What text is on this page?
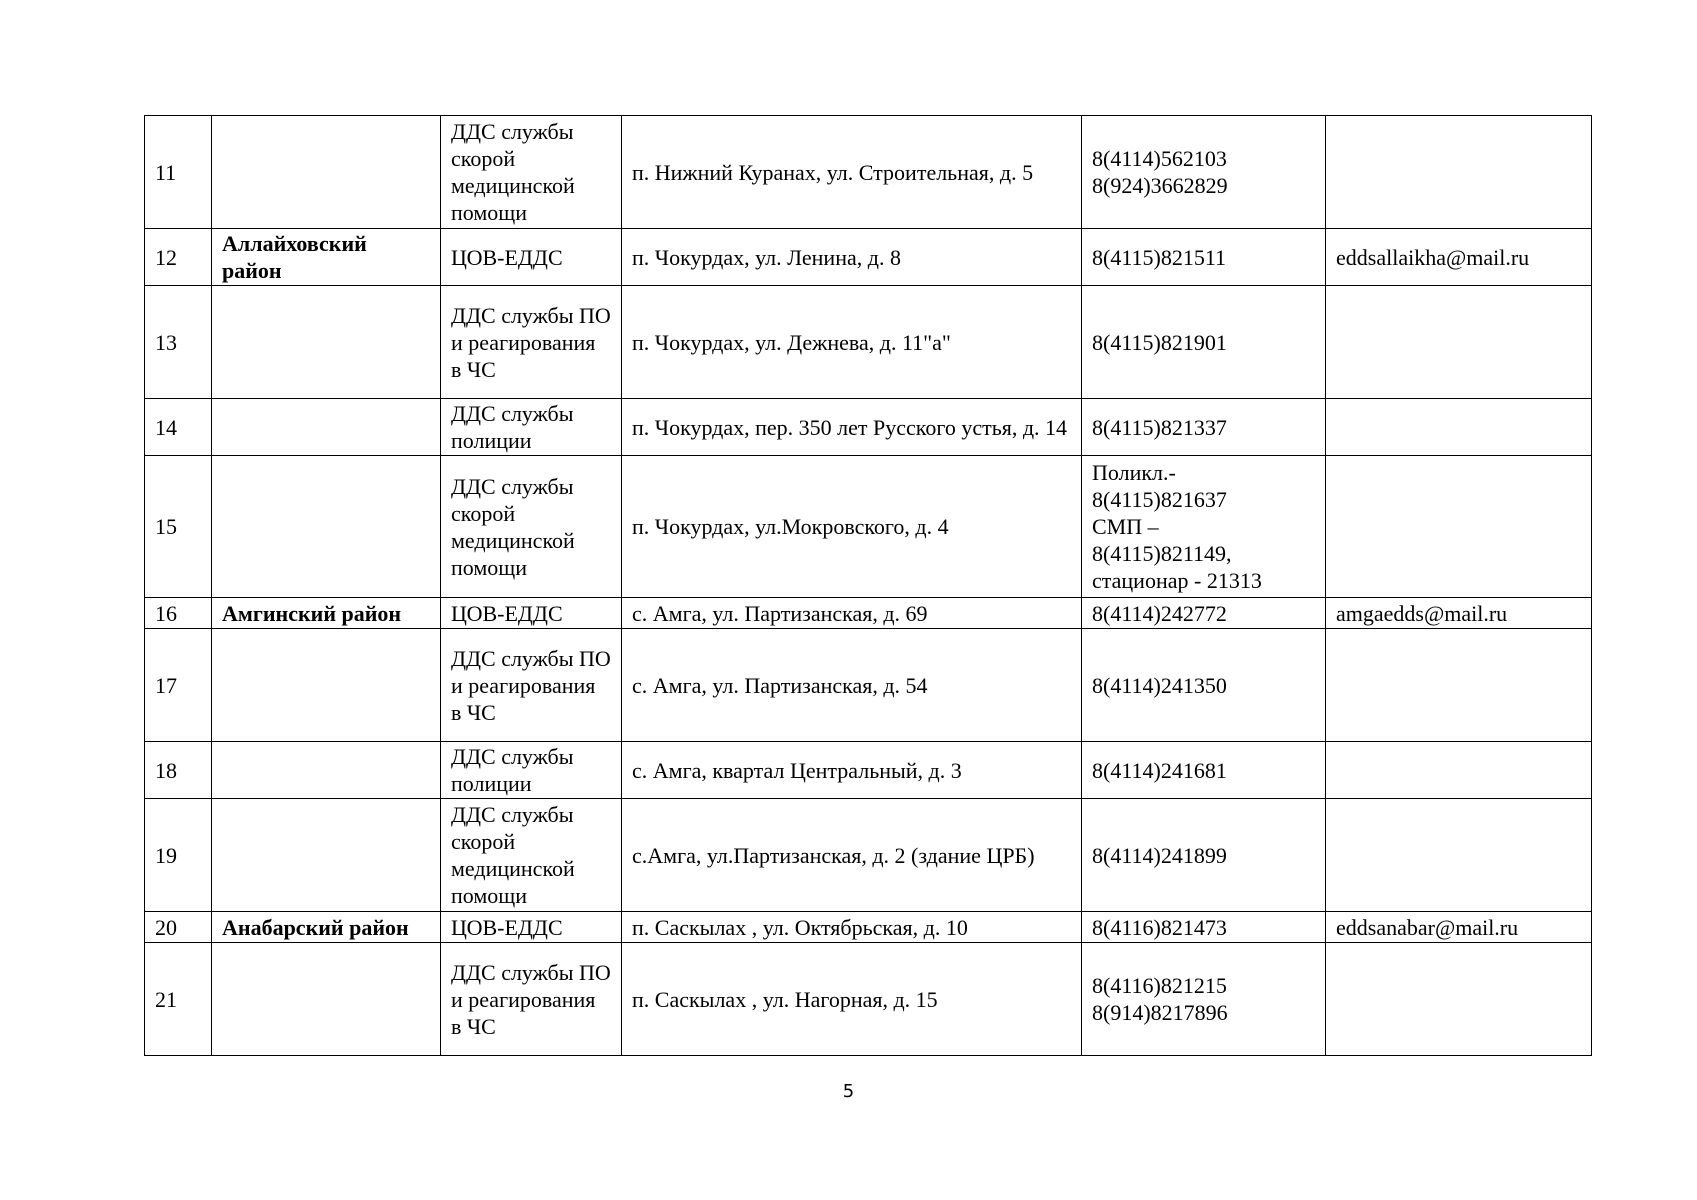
11		ДДС службы скорой медицинской помощи	п. Нижний Куранах, ул. Строительная, д. 5	8(4114)562103
8(924)3662829	
12	Аллайховский район	ЦОВ-ЕДДС	п. Чокурдах, ул. Ленина, д. 8	8(4115)821511	eddsallaikha@mail.ru
13		ДДС службы ПО и реагирования в ЧС	п. Чокурдах, ул. Дежнева, д. 11"а"	8(4115)821901	
14		ДДС службы полиции	п. Чокурдах, пер. 350 лет Русского устья, д. 14	8(4115)821337	
15		ДДС службы скорой медицинской помощи	п. Чокурдах, ул.Мокровского, д. 4	Поликл.-
8(4115)821637
СМП –
8(4115)821149,
стационар - 21313	
16	Амгинский район	ЦОВ-ЕДДС	с. Амга, ул. Партизанская, д. 69	8(4114)242772	amgaedds@mail.ru
17		ДДС службы ПО и реагирования в ЧС	с. Амга, ул. Партизанская, д. 54	8(4114)241350	
18		ДДС службы полиции	с. Амга, квартал Центральный, д. 3	8(4114)241681	
19		ДДС службы скорой медицинской помощи	с.Амга, ул.Партизанская, д. 2 (здание ЦРБ)	8(4114)241899	
20	Анабарский район	ЦОВ-ЕДДС	п. Саскылах , ул. Октябрьская, д. 10	8(4116)821473	eddsanabar@mail.ru
21		ДДС службы ПО и реагирования в ЧС	п. Саскылах , ул. Нагорная, д. 15	8(4116)821215
8(914)8217896	
5
